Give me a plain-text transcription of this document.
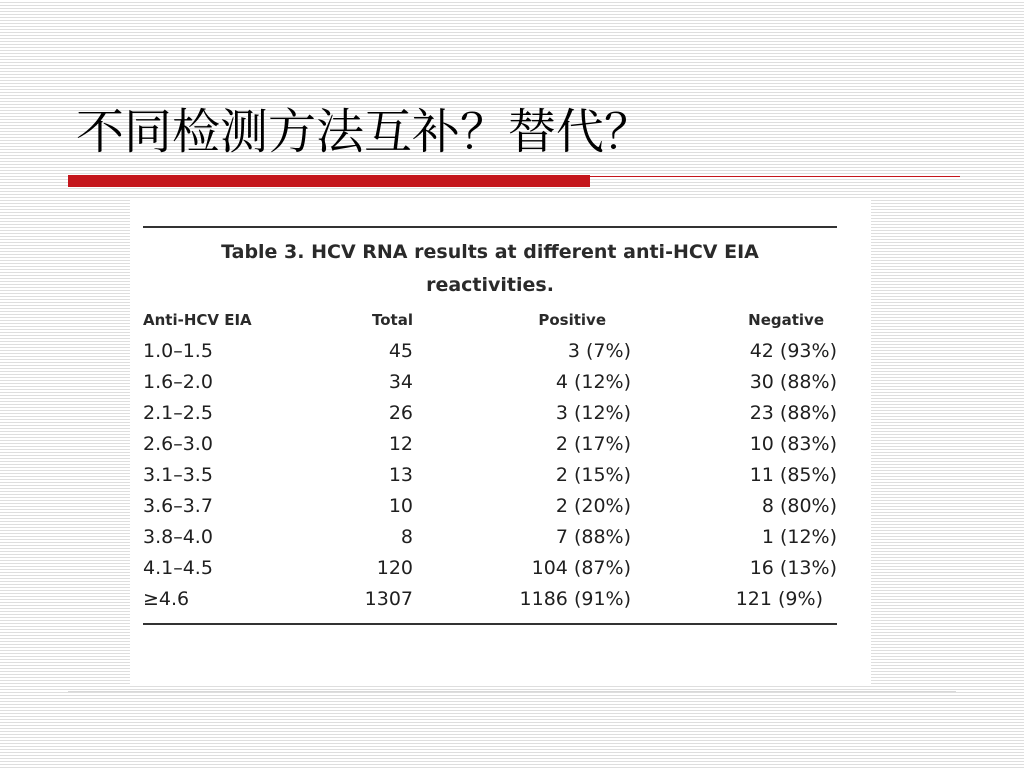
不同检测方法互补？替代？
Table 3. HCV RNA results at different anti-HCV EIA
reactivities.
Anti-HCV EIA	Total	Positive	Negative
1.0–1.5	45	3 (7%)	42 (93%)
1.6–2.0	34	4 (12%)	30 (88%)
2.1–2.5	26	3 (12%)	23 (88%)
2.6–3.0	12	2 (17%)	10 (83%)
3.1–3.5	13	2 (15%)	11 (85%)
3.6–3.7	10	2 (20%)	8 (80%)
3.8–4.0	8	7 (88%)	1 (12%)
4.1–4.5	120	104 (87%)	16 (13%)
≥4.6	1307	1186 (91%)	121 (9%)
